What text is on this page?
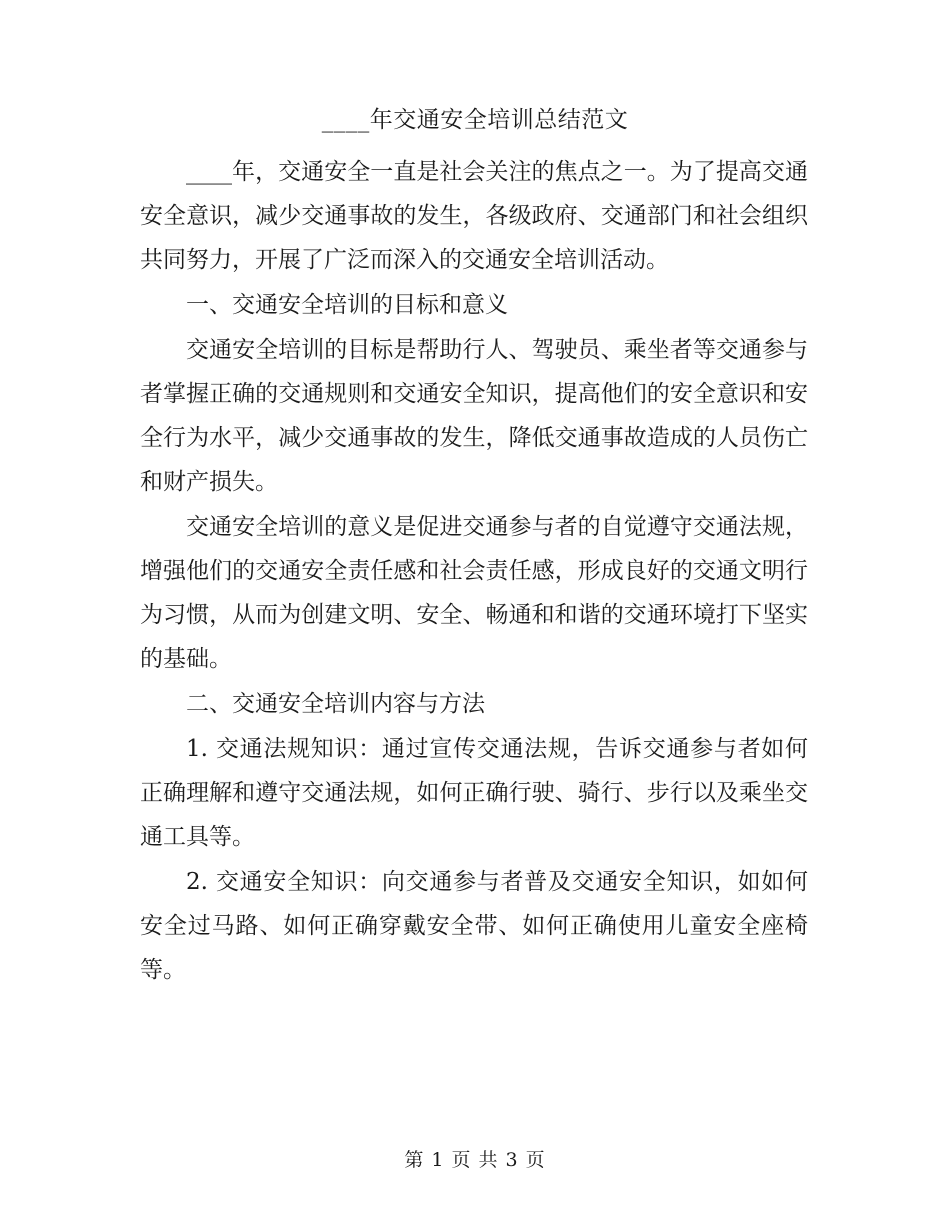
____年交通安全培训总结范文

____年，交通安全一直是社会关注的焦点之一。为了提高交通安全意识，减少交通事故的发生，各级政府、交通部门和社会组织共同努力，开展了广泛而深入的交通安全培训活动。

一、交通安全培训的目标和意义

交通安全培训的目标是帮助行人、驾驶员、乘坐者等交通参与者掌握正确的交通规则和交通安全知识，提高他们的安全意识和安全行为水平，减少交通事故的发生，降低交通事故造成的人员伤亡和财产损失。

交通安全培训的意义是促进交通参与者的自觉遵守交通法规，增强他们的交通安全责任感和社会责任感，形成良好的交通文明行为习惯，从而为创建文明、安全、畅通和和谐的交通环境打下坚实的基础。

二、交通安全培训内容与方法

1. 交通法规知识：通过宣传交通法规，告诉交通参与者如何正确理解和遵守交通法规，如何正确行驶、骑行、步行以及乘坐交通工具等。

2. 交通安全知识：向交通参与者普及交通安全知识，如如何安全过马路、如何正确穿戴安全带、如何正确使用儿童安全座椅等。

第 1 页 共 3 页
